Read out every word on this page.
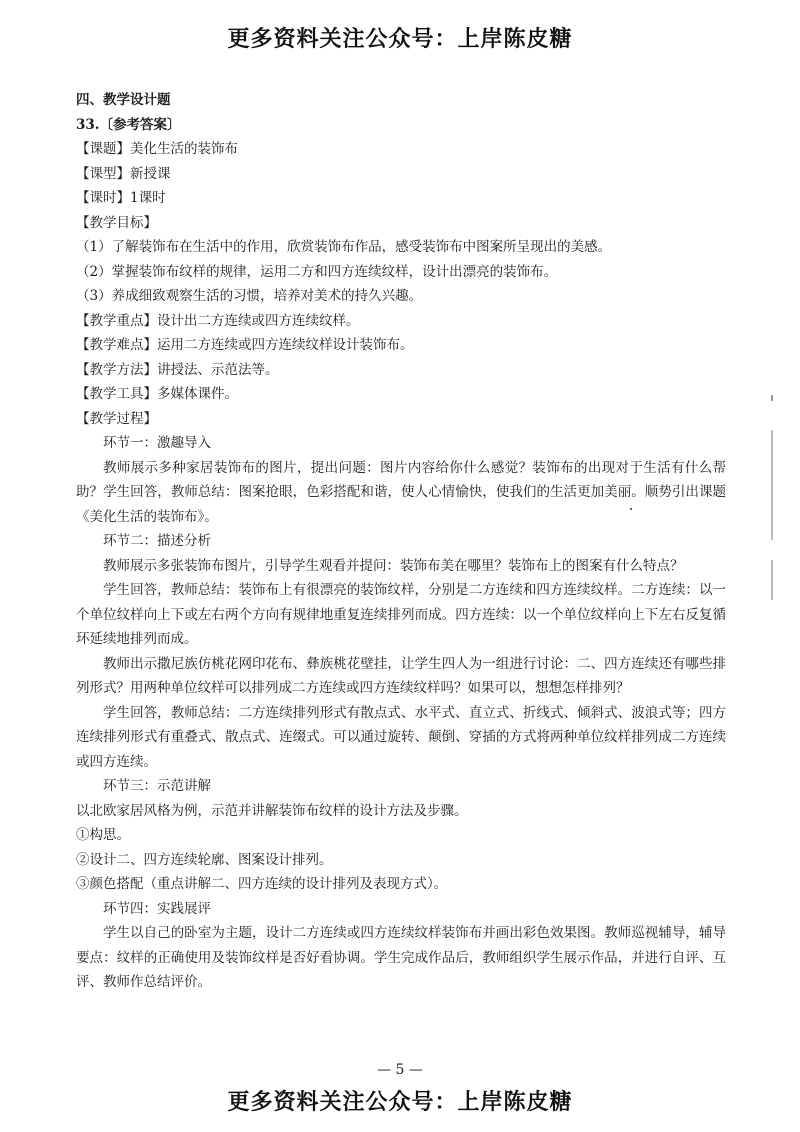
更多资料关注公众号：上岸陈皮糖
四、教学设计题
33.〔参考答案〕
【课题】美化生活的装饰布
【课型】新授课
【课时】1课时
【教学目标】
（1）了解装饰布在生活中的作用，欣赏装饰布作品，感受装饰布中图案所呈现出的美感。
（2）掌握装饰布纹样的规律，运用二方和四方连续纹样，设计出漂亮的装饰布。
（3）养成细致观察生活的习惯，培养对美术的持久兴趣。
【教学重点】设计出二方连续或四方连续纹样。
【教学难点】运用二方连续或四方连续纹样设计装饰布。
【教学方法】讲授法、示范法等。
【教学工具】多媒体课件。
【教学过程】
环节一：激趣导入
教师展示多种家居装饰布的图片，提出问题：图片内容给你什么感觉？装饰布的出现对于生活有什么帮助？学生回答，教师总结：图案抢眼，色彩搭配和谐，使人心情愉快，使我们的生活更加美丽。顺势引出课题《美化生活的装饰布》。
环节二：描述分析
教师展示多张装饰布图片，引导学生观看并提问：装饰布美在哪里？装饰布上的图案有什么特点？
学生回答，教师总结：装饰布上有很漂亮的装饰纹样，分别是二方连续和四方连续纹样。二方连续：以一个单位纹样向上下或左右两个方向有规律地重复连续排列而成。四方连续：以一个单位纹样向上下左右反复循环延续地排列而成。
教师出示撒尼族仿桃花网印花布、彝族桃花壁挂，让学生四人为一组进行讨论：二、四方连续还有哪些排列形式？用两种单位纹样可以排列成二方连续或四方连续纹样吗？如果可以，想想怎样排列？
学生回答，教师总结：二方连续排列形式有散点式、水平式、直立式、折线式、倾斜式、波浪式等；四方连续排列形式有重叠式、散点式、连缀式。可以通过旋转、颠倒、穿插的方式将两种单位纹样排列成二方连续或四方连续。
环节三：示范讲解
以北欧家居风格为例，示范并讲解装饰布纹样的设计方法及步骤。
①构思。
②设计二、四方连续轮廓、图案设计排列。
③颜色搭配（重点讲解二、四方连续的设计排列及表现方式）。
环节四：实践展评
学生以自己的卧室为主题，设计二方连续或四方连续纹样装饰布并画出彩色效果图。教师巡视辅导，辅导要点：纹样的正确使用及装饰纹样是否好看协调。学生完成作品后，教师组织学生展示作品，并进行自评、互评、教师作总结评价。
— 5 —
更多资料关注公众号：上岸陈皮糖
